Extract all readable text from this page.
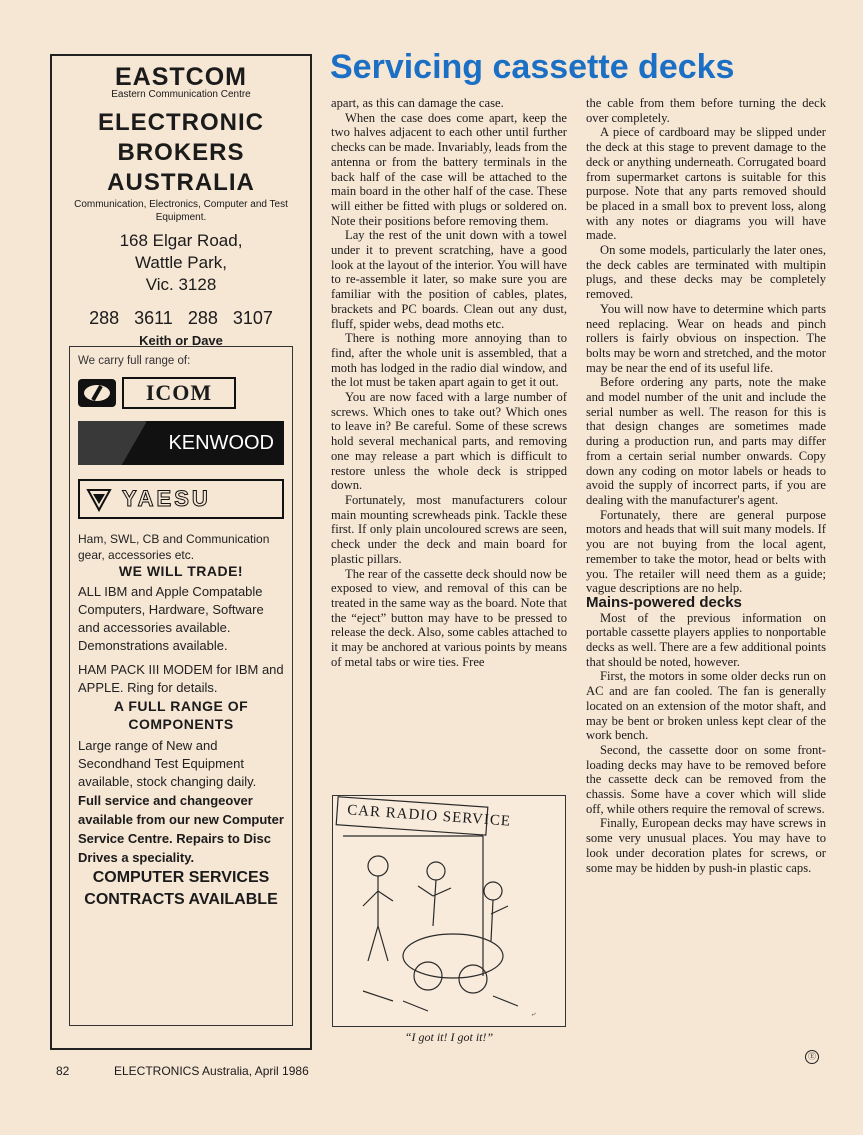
EASTCOM
Eastern Communication Centre
ELECTRONIC
BROKERS
AUSTRALIA
Communication, Electronics, Computer and Test Equipment.
168 Elgar Road,
Wattle Park,
Vic. 3128
288 3611 288 3107
Keith or Dave

We carry full range of:

ICOM
KENWOOD
YAESU

Ham, SWL, CB and Communication gear, accessories etc.

WE WILL TRADE!

ALL IBM and Apple Compatable Computers, Hardware, Software and accessories available. Demonstrations available.

HAM PACK III MODEM for IBM and APPLE. Ring for details.

A FULL RANGE OF COMPONENTS

Large range of New and Secondhand Test Equipment available, stock changing daily.

Full service and changeover available from our new Computer Service Centre. Repairs to Disc Drives a speciality.

COMPUTER SERVICES CONTRACTS AVAILABLE

82	ELECTRONICS Australia, April 1986
Servicing cassette decks

apart, as this can damage the case.

When the case does come apart, keep the two halves adjacent to each other until further checks can be made. Invariably, leads from the antenna or from the battery terminals in the back half of the case will be attached to the main board in the other half of the case. These will either be fitted with plugs or soldered on. Note their positions before removing them.

Lay the rest of the unit down with a towel under it to prevent scratching, have a good look at the layout of the interior. You will have to re-assemble it later, so make sure you are familiar with the position of cables, plates, brackets and PC boards. Clean out any dust, fluff, spider webs, dead moths etc.

There is nothing more annoying than to find, after the whole unit is assembled, that a moth has lodged in the radio dial window, and the lot must be taken apart again to get it out.

You are now faced with a large number of screws. Which ones to take out? Which ones to leave in? Be careful. Some of these screws hold several mechanical parts, and removing one may release a part which is difficult to restore unless the whole deck is stripped down.

Fortunately, most manufacturers colour main mounting screwheads pink. Tackle these first. If only plain uncoloured screws are seen, check under the deck and main board for plastic pillars.

The rear of the cassette deck should now be exposed to view, and removal of this can be treated in the same way as the board. Note that the “eject” button may have to be pressed to release the deck. Also, some cables attached to it may be anchored at various points by means of metal tabs or wire ties. Free

~
CAR RADIO SERVICE
“I got it! I got it!”

the cable from them before turning the deck over completely.

A piece of cardboard may be slipped under the deck at this stage to prevent damage to the deck or anything underneath. Corrugated board from supermarket cartons is suitable for this purpose. Note that any parts removed should be placed in a small box to prevent loss, along with any notes or diagrams you will have made.

On some models, particularly the later ones, the deck cables are terminated with multipin plugs, and these decks may be completely removed.

You will now have to determine which parts need replacing. Wear on heads and pinch rollers is fairly obvious on inspection. The bolts may be worn and stretched, and the motor may be near the end of its useful life.

Before ordering any parts, note the make and model number of the unit and include the serial number as well. The reason for this is that design changes are sometimes made during a production run, and parts may differ from a certain serial number onwards. Copy down any coding on motor labels or heads to avoid the supply of incorrect parts, if you are dealing with the manufacturer's agent.

Fortunately, there are general purpose motors and heads that will suit many models. If you are not buying from the local agent, remember to take the motor, head or belts with you. The retailer will need them as a guide; vague descriptions are no help.

Mains-powered decks

Most of the previous information on portable cassette players applies to nonportable decks as well. There are a few additional points that should be noted, however.

First, the motors in some older decks run on AC and are fan cooled. The fan is generally located on an extension of the motor shaft, and may be bent or broken unless kept clear of the work bench.

Second, the cassette door on some front-loading decks may have to be removed before the cassette deck can be removed from the chassis. Some have a cover which will slide off, while others require the removal of screws.

Finally, European decks may have screws in some very unusual places. You may have to look under decoration plates for screws, or some may be hidden by push-in plastic caps.

Ⓔ
